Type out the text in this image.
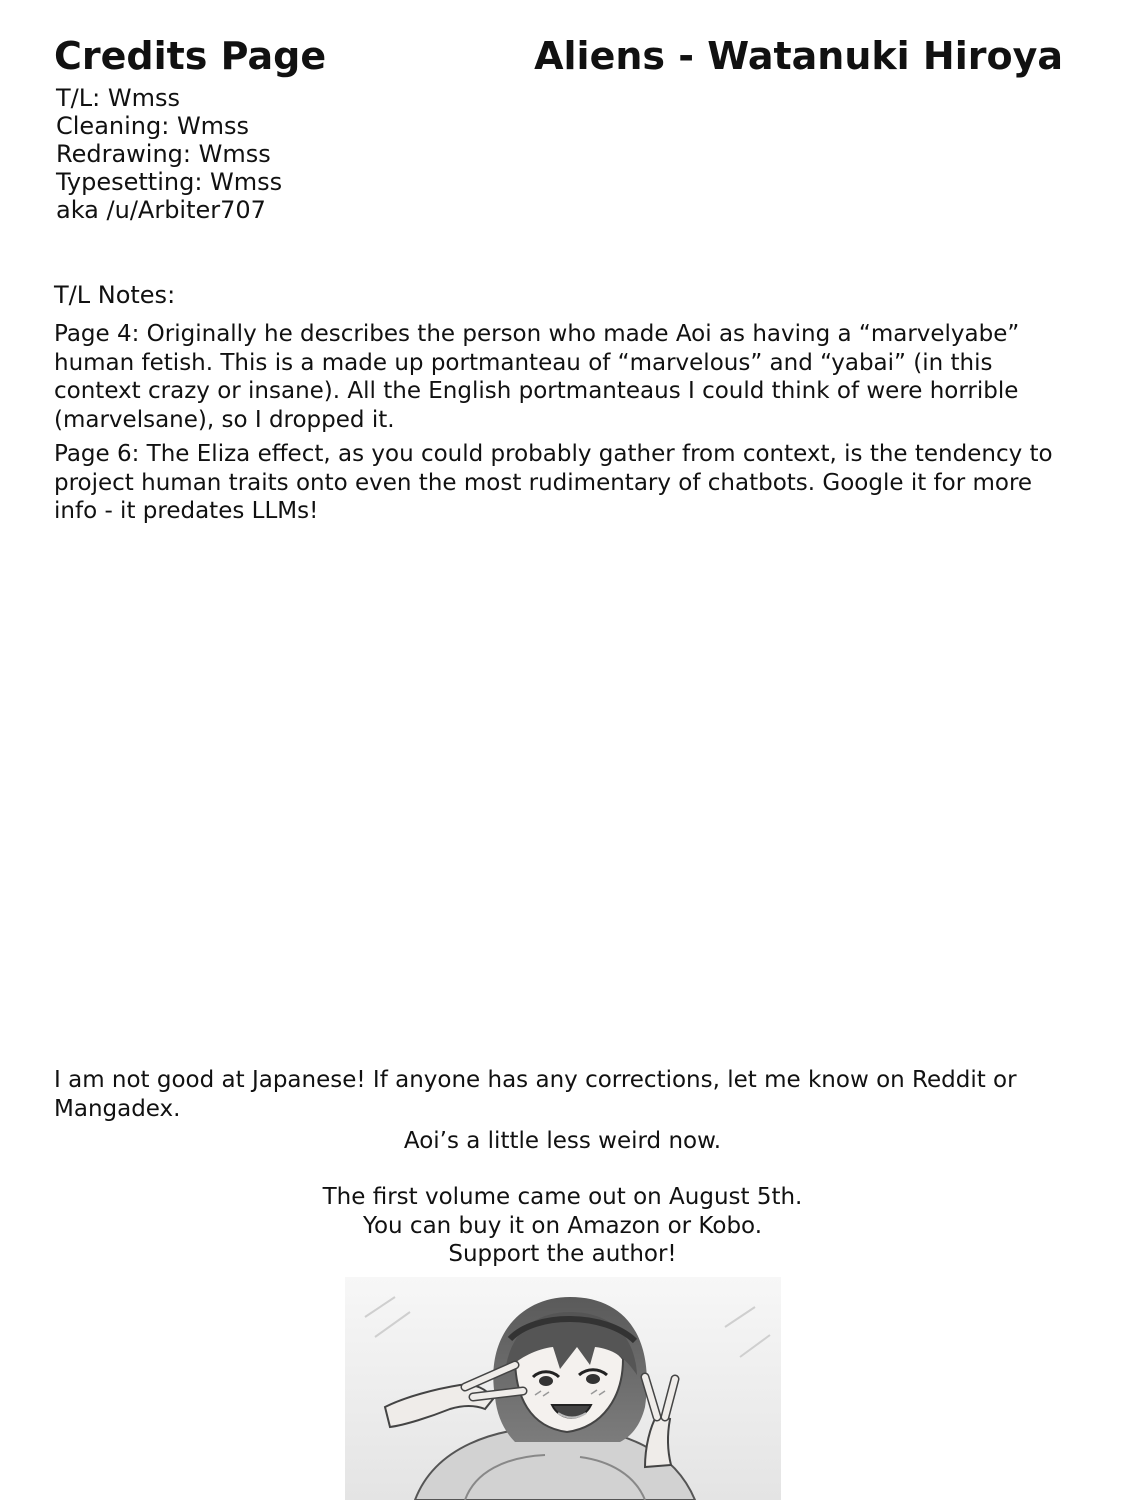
Credits Page	Aliens - Watanuki Hiroya
T/L: Wmss
Cleaning: Wmss
Redrawing: Wmss
Typesetting: Wmss
aka /u/Arbiter707
T/L Notes:

Page 4: Originally he describes the person who made Aoi as having a “marvelyabe” human fetish. This is a made up portmanteau of “marvelous” and “yabai” (in this context crazy or insane). All the English portmanteaus I could think of were horrible (marvelsane), so I dropped it.

Page 6: The Eliza effect, as you could probably gather from context, is the tendency to project human traits onto even the most rudimentary of chatbots. Google it for more info - it predates LLMs!

I am not good at Japanese! If anyone has any corrections, let me know on Reddit or Mangadex.
Aoi’s a little less weird now.
The first volume came out on August 5th.
You can buy it on Amazon or Kobo.
Support the author!
